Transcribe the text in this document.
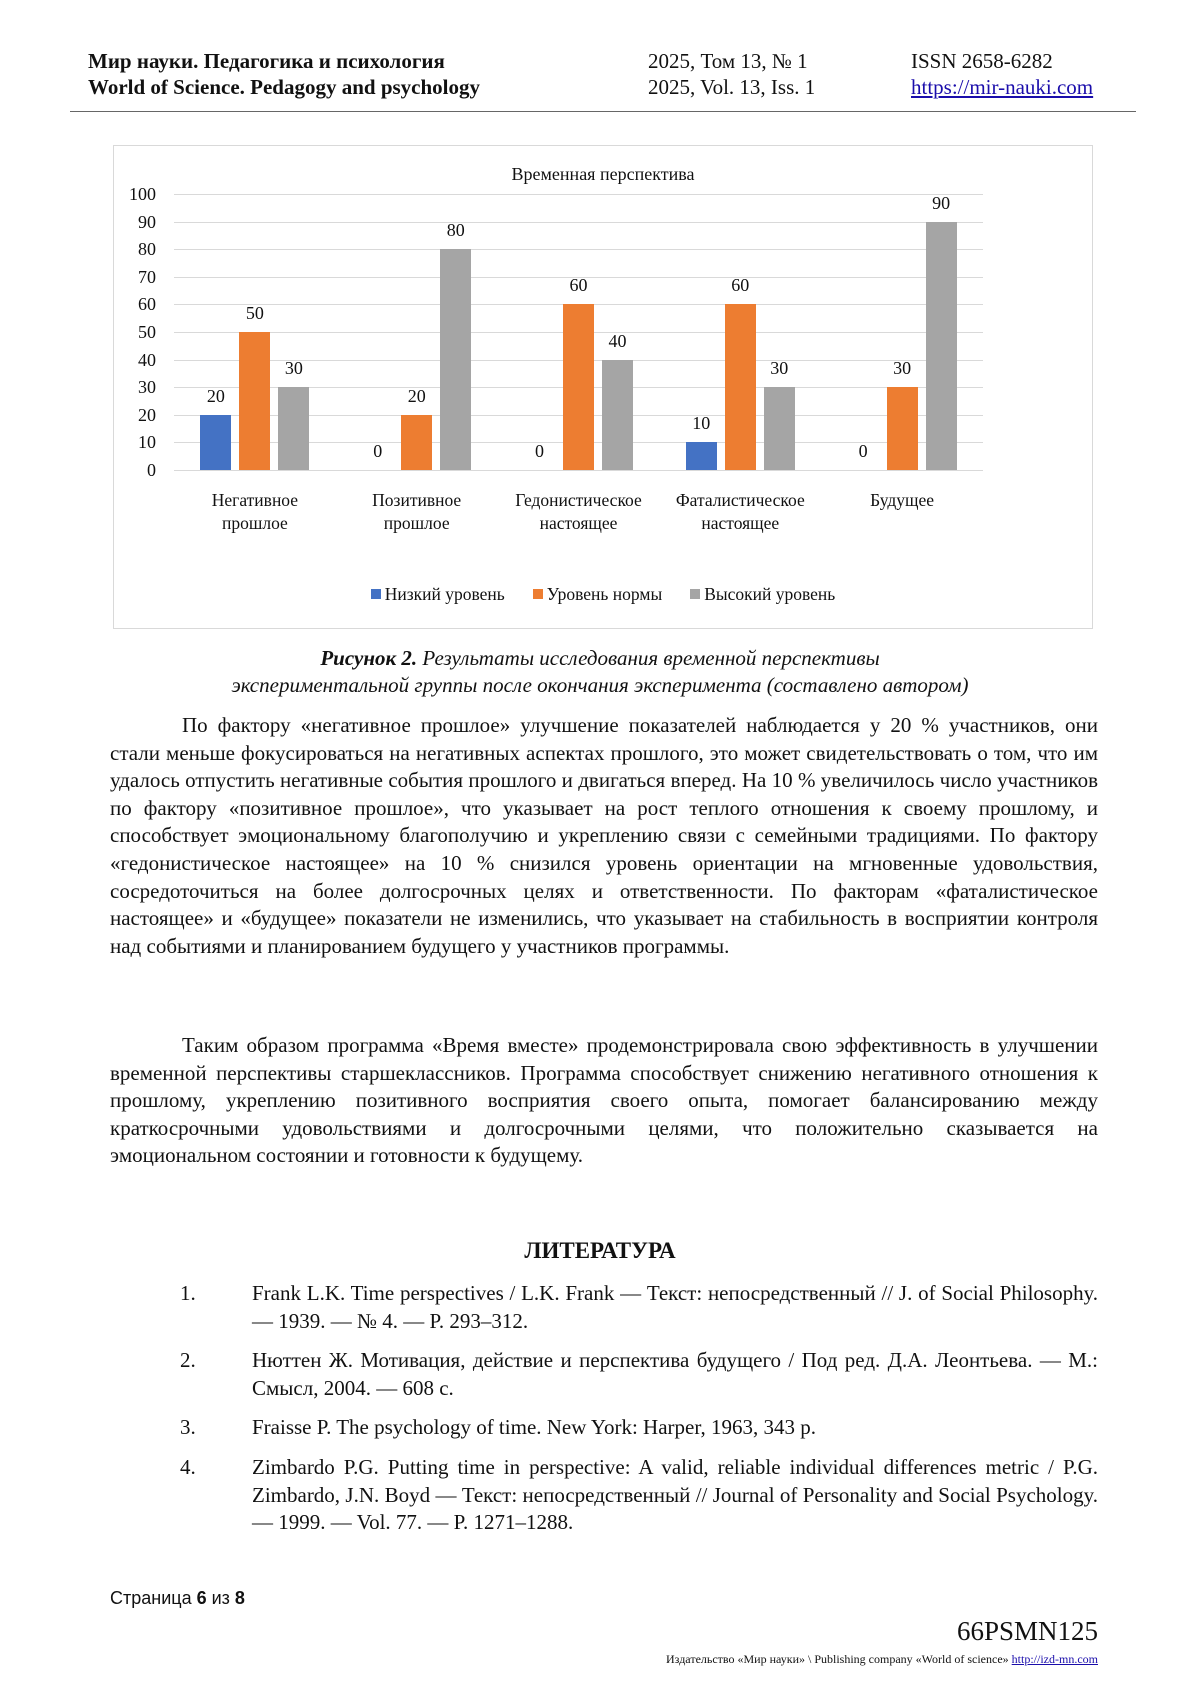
Мир науки. Педагогика и психология	2025, Том 13, № 1	ISSN 2658-6282
World of Science. Pedagogy and psychology	2025, Vol. 13, Iss. 1	https://mir-nauki.com
Временная перспектива
0
10
20
30
40
50
60
70
80
90
100
20
50
30
Негативное
прошлое
0
20
80
Позитивное
прошлое
0
60
40
Гедонистическое
настоящее
10
60
30
Фаталистическое
настоящее
0
30
90
Будущее

Низкий уровень Уровень нормы Высокий уровень
Рисунок 2. Результаты исследования временной перспективы
экспериментальной группы после окончания эксперимента (составлено автором)

По фактору «негативное прошлое» улучшение показателей наблюдается у 20 % участников, они стали меньше фокусироваться на негативных аспектах прошлого, это может свидетельствовать о том, что им удалось отпустить негативные события прошлого и двигаться вперед. На 10 % увеличилось число участников по фактору «позитивное прошлое», что указывает на рост теплого отношения к своему прошлому, и способствует эмоциональному благополучию и укреплению связи с семейными традициями. По фактору «гедонистическое настоящее» на 10 % снизился уровень ориентации на мгновенные удовольствия, сосредоточиться на более долгосрочных целях и ответственности. По факторам «фаталистическое настоящее» и «будущее» показатели не изменились, что указывает на стабильность в восприятии контроля над событиями и планированием будущего у участников программы.

Таким образом программа «Время вместе» продемонстрировала свою эффективность в улучшении временной перспективы старшеклассников. Программа способствует снижению негативного отношения к прошлому, укреплению позитивного восприятия своего опыта, помогает балансированию между краткосрочными удовольствиями и долгосрочными целями, что положительно сказывается на эмоциональном состоянии и готовности к будущему.

ЛИТЕРАТУРА
1.	Frank L.K. Time perspectives / L.K. Frank — Текст: непосредственный // J. of Social Philosophy. — 1939. — № 4. — P. 293–312.
2.	Нюттен Ж. Мотивация, действие и перспектива будущего / Под ред. Д.А. Леонтьева. — М.: Смысл, 2004. — 608 с.
3.	Fraisse P. The psychology of time. New York: Harper, 1963, 343 p.
4.	Zimbardo P.G. Putting time in perspective: A valid, reliable individual differences metric / P.G. Zimbardo, J.N. Boyd — Текст: непосредственный // Journal of Personality and Social Psychology. — 1999. — Vol. 77. — P. 1271–1288.
Страница 6 из 8
66PSMN125
Издательство «Мир науки» \ Publishing company «World of science» http://izd-mn.com
